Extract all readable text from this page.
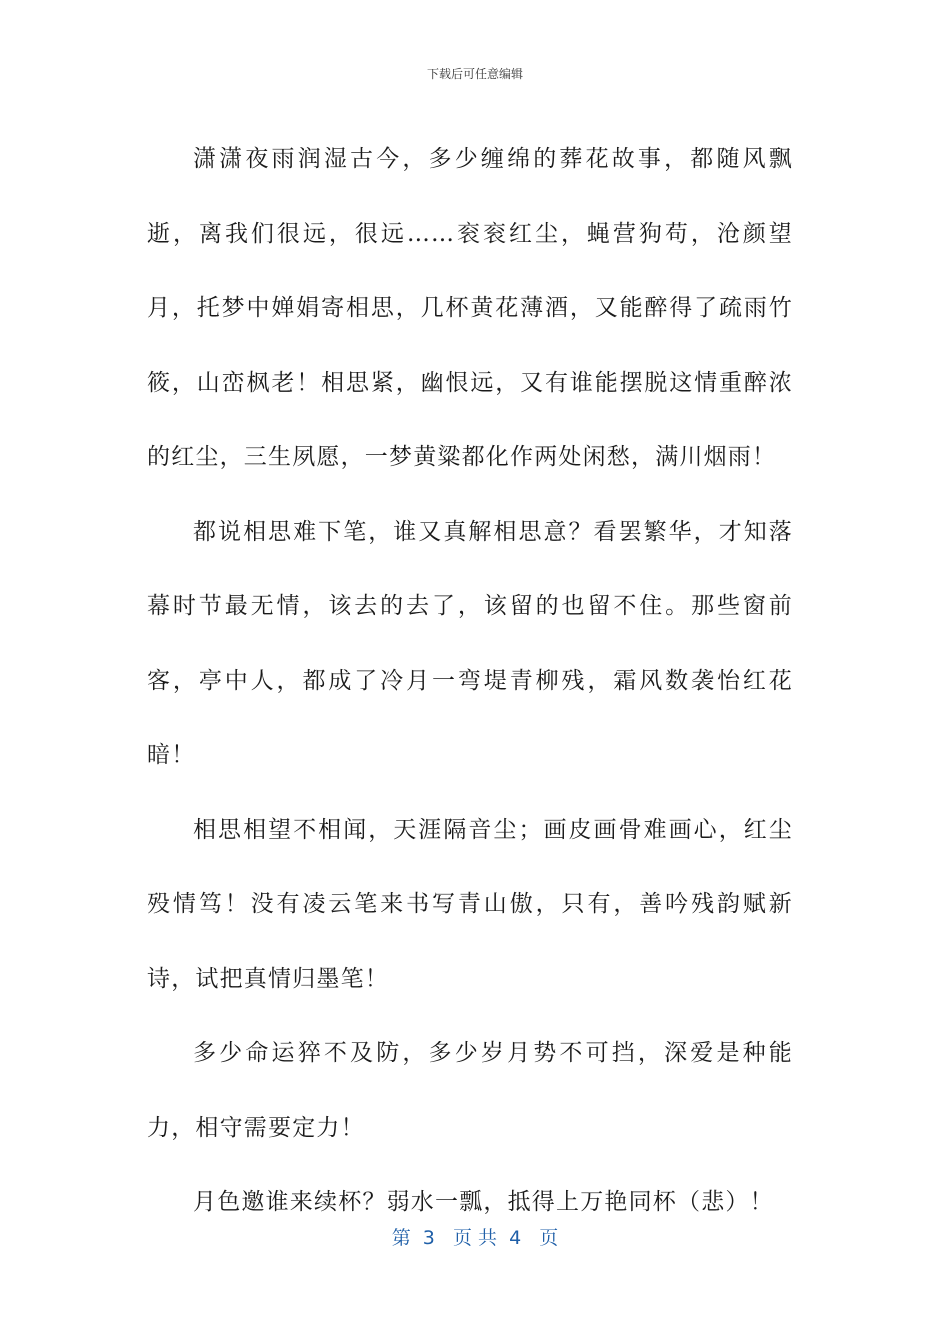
下载后可任意编辑

潇潇夜雨润湿古今，多少缠绵的葬花故事，都随风飘逝，离我们很远，很远……衮衮红尘，蝇营狗苟，沧颜望月，托梦中婵娟寄相思，几杯黄花薄酒，又能醉得了疏雨竹筱，山峦枫老！相思紧，幽恨远，又有谁能摆脱这情重醉浓的红尘，三生夙愿，一梦黄粱都化作两处闲愁，满川烟雨！

都说相思难下笔，谁又真解相思意？看罢繁华，才知落幕时节最无情，该去的去了，该留的也留不住。那些窗前客，亭中人，都成了冷月一弯堤青柳残，霜风数袭怡红花暗！

相思相望不相闻，天涯隔音尘；画皮画骨难画心，红尘殁情笃！没有凌云笔来书写青山傲，只有，善吟残韵赋新诗，试把真情归墨笔！

多少命运猝不及防，多少岁月势不可挡，深爱是种能力，相守需要定力！

月色邀谁来续杯？弱水一瓢，抵得上万艳同杯（悲）！

第  3   页 共  4   页
